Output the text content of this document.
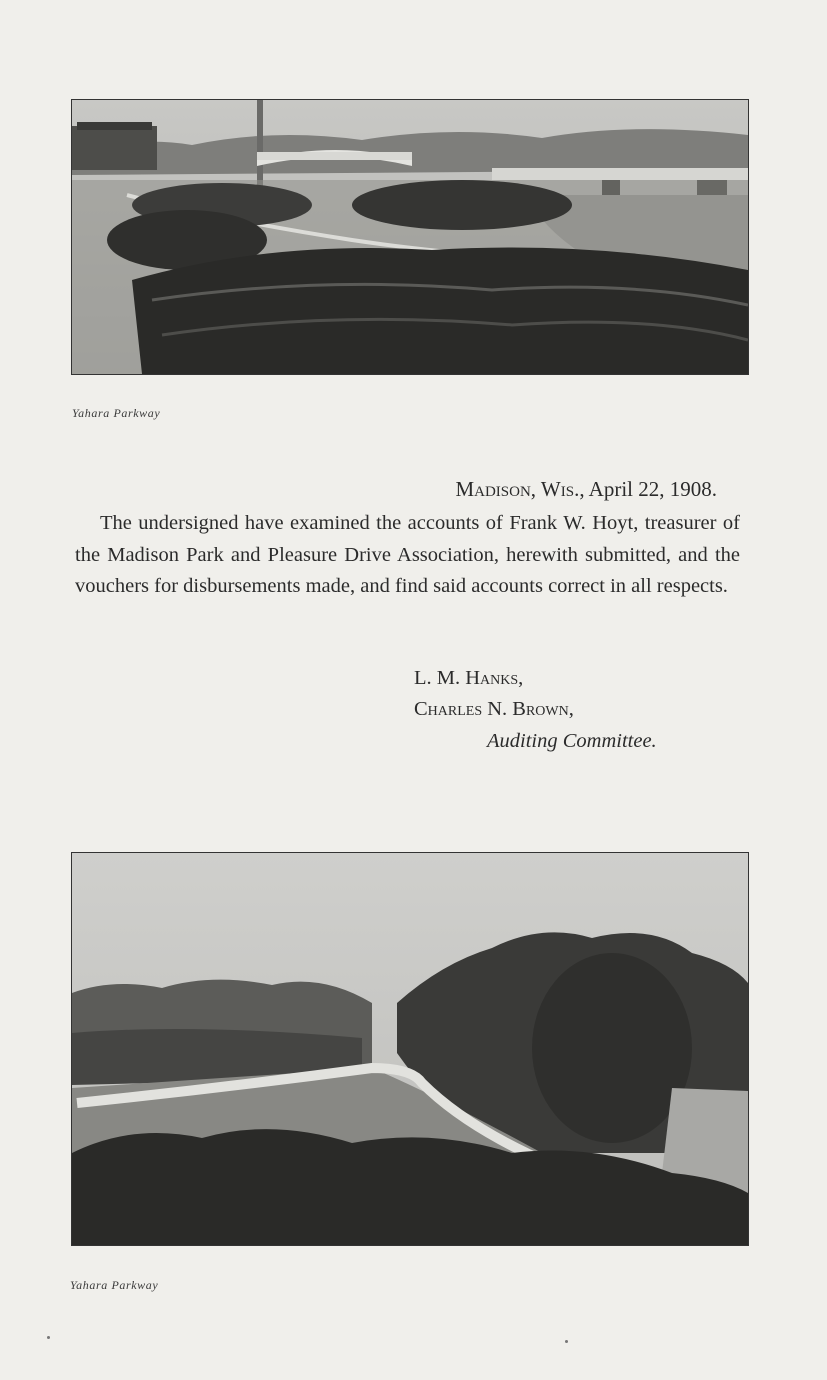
Yahara Parkway
Madison, Wis., April 22, 1908.

The undersigned have examined the accounts of Frank W. Hoyt, treasurer of the Madison Park and Pleasure Drive Association, herewith submitted, and the vouchers for disbursements made, and find said accounts correct in all respects.

L. M. Hanks,
Charles N. Brown,
Auditing Committee.
Yahara Parkway
